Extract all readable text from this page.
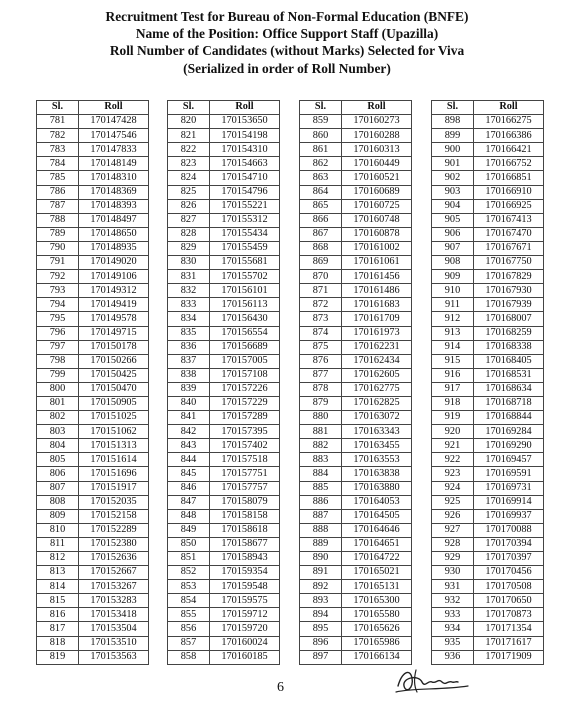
Recruitment Test for Bureau of Non-Formal Education (BNFE)
Name of the Position: Office Support Staff (Upazilla)
Roll Number of Candidates (without Marks) Selected for Viva
(Serialized in order of Roll Number)
Sl.	Roll
781	170147428
782	170147546
783	170147833
784	170148149
785	170148310
786	170148369
787	170148393
788	170148497
789	170148650
790	170148935
791	170149020
792	170149106
793	170149312
794	170149419
795	170149578
796	170149715
797	170150178
798	170150266
799	170150425
800	170150470
801	170150905
802	170151025
803	170151062
804	170151313
805	170151614
806	170151696
807	170151917
808	170152035
809	170152158
810	170152289
811	170152380
812	170152636
813	170152667
814	170153267
815	170153283
816	170153418
817	170153504
818	170153510
819	170153563
Sl.	Roll
820	170153650
821	170154198
822	170154310
823	170154663
824	170154710
825	170154796
826	170155221
827	170155312
828	170155434
829	170155459
830	170155681
831	170155702
832	170156101
833	170156113
834	170156430
835	170156554
836	170156689
837	170157005
838	170157108
839	170157226
840	170157229
841	170157289
842	170157395
843	170157402
844	170157518
845	170157751
846	170157757
847	170158079
848	170158158
849	170158618
850	170158677
851	170158943
852	170159354
853	170159548
854	170159575
855	170159712
856	170159720
857	170160024
858	170160185
Sl.	Roll
859	170160273
860	170160288
861	170160313
862	170160449
863	170160521
864	170160689
865	170160725
866	170160748
867	170160878
868	170161002
869	170161061
870	170161456
871	170161486
872	170161683
873	170161709
874	170161973
875	170162231
876	170162434
877	170162605
878	170162775
879	170162825
880	170163072
881	170163343
882	170163455
883	170163553
884	170163838
885	170163880
886	170164053
887	170164505
888	170164646
889	170164651
890	170164722
891	170165021
892	170165131
893	170165300
894	170165580
895	170165626
896	170165986
897	170166134
Sl.	Roll
898	170166275
899	170166386
900	170166421
901	170166752
902	170166851
903	170166910
904	170166925
905	170167413
906	170167470
907	170167671
908	170167750
909	170167829
910	170167930
911	170167939
912	170168007
913	170168259
914	170168338
915	170168405
916	170168531
917	170168634
918	170168718
919	170168844
920	170169284
921	170169290
922	170169457
923	170169591
924	170169731
925	170169914
926	170169937
927	170170088
928	170170394
929	170170397
930	170170456
931	170170508
932	170170650
933	170170873
934	170171354
935	170171617
936	170171909
6
